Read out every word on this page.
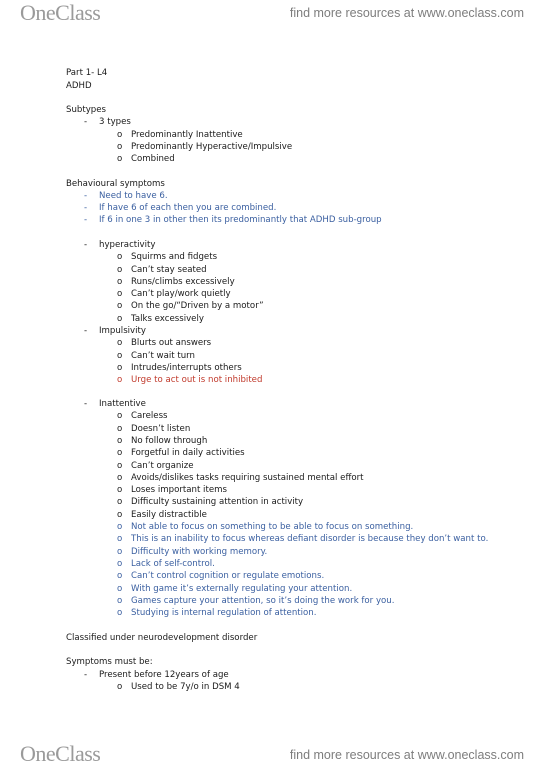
OneClass	find more resources at www.oneclass.com
Part 1- L4
ADHD
Subtypes
- 3 types
o Predominantly Inattentive
o Predominantly Hyperactive/Impulsive
o Combined
Behavioural symptoms
- Need to have 6.
- If have 6 of each then you are combined.
- If 6 in one 3 in other then its predominantly that ADHD sub-group
- hyperactivity
o Squirms and fidgets
o Can’t stay seated
o Runs/climbs excessively
o Can’t play/work quietly
o On the go/“Driven by a motor”
o Talks excessively
- Impulsivity
o Blurts out answers
o Can’t wait turn
o Intrudes/interrupts others
o Urge to act out is not inhibited
- Inattentive
o Careless
o Doesn’t listen
o No follow through
o Forgetful in daily activities
o Can’t organize
o Avoids/dislikes tasks requiring sustained mental effort
o Loses important items
o Difficulty sustaining attention in activity
o Easily distractible
o Not able to focus on something to be able to focus on something.
o This is an inability to focus whereas defiant disorder is because they don’t want to.
o Difficulty with working memory.
o Lack of self-control.
o Can’t control cognition or regulate emotions.
o With game it’s externally regulating your attention.
o Games capture your attention, so it’s doing the work for you.
o Studying is internal regulation of attention.
Classified under neurodevelopment disorder
Symptoms must be:
- Present before 12years of age
o Used to be 7y/o in DSM 4
OneClass	find more resources at www.oneclass.com
